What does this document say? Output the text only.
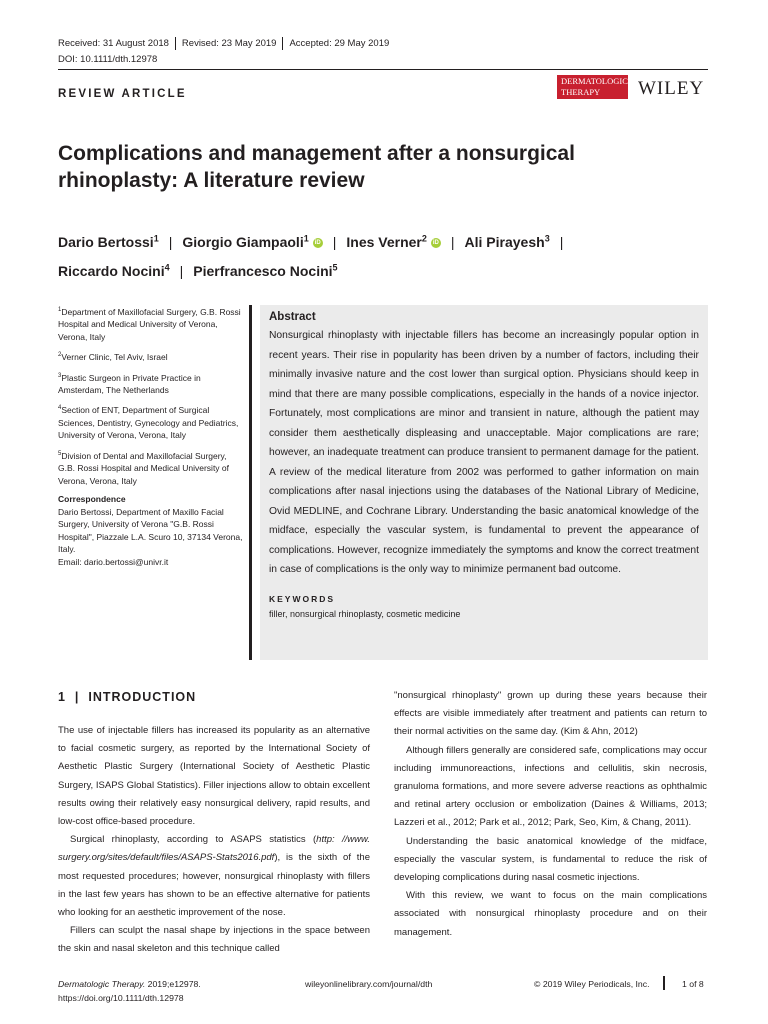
Received: 31 August 2018 Revised: 23 May 2019 Accepted: 29 May 2019
DOI: 10.1111/dth.12978
REVIEW ARTICLE
DERMATOLOGIC
THERAPY	WILEY
Complications and management after a nonsurgical rhinoplasty: A literature review
Dario Bertossi$^1$ | Giorgio Giampaoli$^1$ iD | Ines Verner$^2$ iD | Ali Pirayesh$^3$ |
Riccardo Nocini$^4$ | Pierfrancesco Nocini$^5$

$^1$Department of Maxillofacial Surgery, G.B. Rossi Hospital and Medical University of Verona, Verona, Italy

$^2$Verner Clinic, Tel Aviv, Israel

$^3$Plastic Surgeon in Private Practice in Amsterdam, The Netherlands

$^4$Section of ENT, Department of Surgical Sciences, Dentistry, Gynecology and Pediatrics, University of Verona, Verona, Italy

$^5$Division of Dental and Maxillofacial Surgery, G.B. Rossi Hospital and Medical University of Verona, Verona, Italy

Correspondence
Dario Bertossi, Department of Maxillo Facial Surgery, University of Verona "G.B. Rossi Hospital", Piazzale L.A. Scuro 10, 37134 Verona, Italy.
Email: dario.bertossi@univr.it
Abstract
Nonsurgical rhinoplasty with injectable fillers has become an increasingly popular option in recent years. Their rise in popularity has been driven by a number of factors, including their minimally invasive nature and the cost lower than surgical option. Physicians should keep in mind that there are many possible complications, especially in the hands of a novice injector. Fortunately, most complications are minor and transient in nature, although the patient may consider them aesthetically displeasing and unacceptable. Major complications are rare; however, an inadequate treatment can produce transient to permanent damage for the patient. A review of the medical literature from 2002 was performed to gather information on main complications after nasal injections using the databases of the National Library of Medicine, Ovid MEDLINE, and Cochrane Library. Understanding the basic anatomical knowledge of the midface, especially the vascular system, is fundamental to prevent the appearance of complications. However, recognize immediately the symptoms and know the correct treatment in case of complications is the only way to minimize permanent bad outcome.
KEYWORDS
filler, nonsurgical rhinoplasty, cosmetic medicine
1  |  INTRODUCTION

The use of injectable fillers has increased its popularity as an alternative to facial cosmetic surgery, as reported by the International Society of Aesthetic Plastic Surgery (International Society of Aesthetic Plastic Surgery, ISAPS Global Statistics). Filler injections allow to obtain excellent results owing their relatively easy nonsurgical delivery, rapid results, and low-cost office-based procedure.

Surgical rhinoplasty, according to ASAPS statistics (http: //www. surgery.org/sites/default/files/ASAPS-Stats2016.pdf), is the sixth of the most requested procedures; however, nonsurgical rhinoplasty with fillers in the last few years has shown to be an effective alternative for patients who looking for an aesthetic improvement of the nose.

Fillers can sculpt the nasal shape by injections in the space between the skin and nasal skeleton and this technique called

"nonsurgical rhinoplasty" grown up during these years because their effects are visible immediately after treatment and patients can return to their normal activities on the same day. (Kim & Ahn, 2012)

Although fillers generally are considered safe, complications may occur including immunoreactions, infections and cellulitis, skin necrosis, granuloma formations, and more severe adverse reactions as ophthalmic and retinal artery occlusion or embolization (Daines & Williams, 2013; Lazzeri et al., 2012; Park et al., 2012; Park, Seo, Kim, & Chang, 2011).

Understanding the basic anatomical knowledge of the midface, especially the vascular system, is fundamental to reduce the risk of developing complications during nasal cosmetic injections.

With this review, we want to focus on the main complications associated with nonsurgical rhinoplasty procedure and on their management.

Dermatologic Therapy. 2019;e12978.
https://doi.org/10.1111/dth.12978
wileyonlinelibrary.com/journal/dth	© 2019 Wiley Periodicals, Inc.	1 of 8
